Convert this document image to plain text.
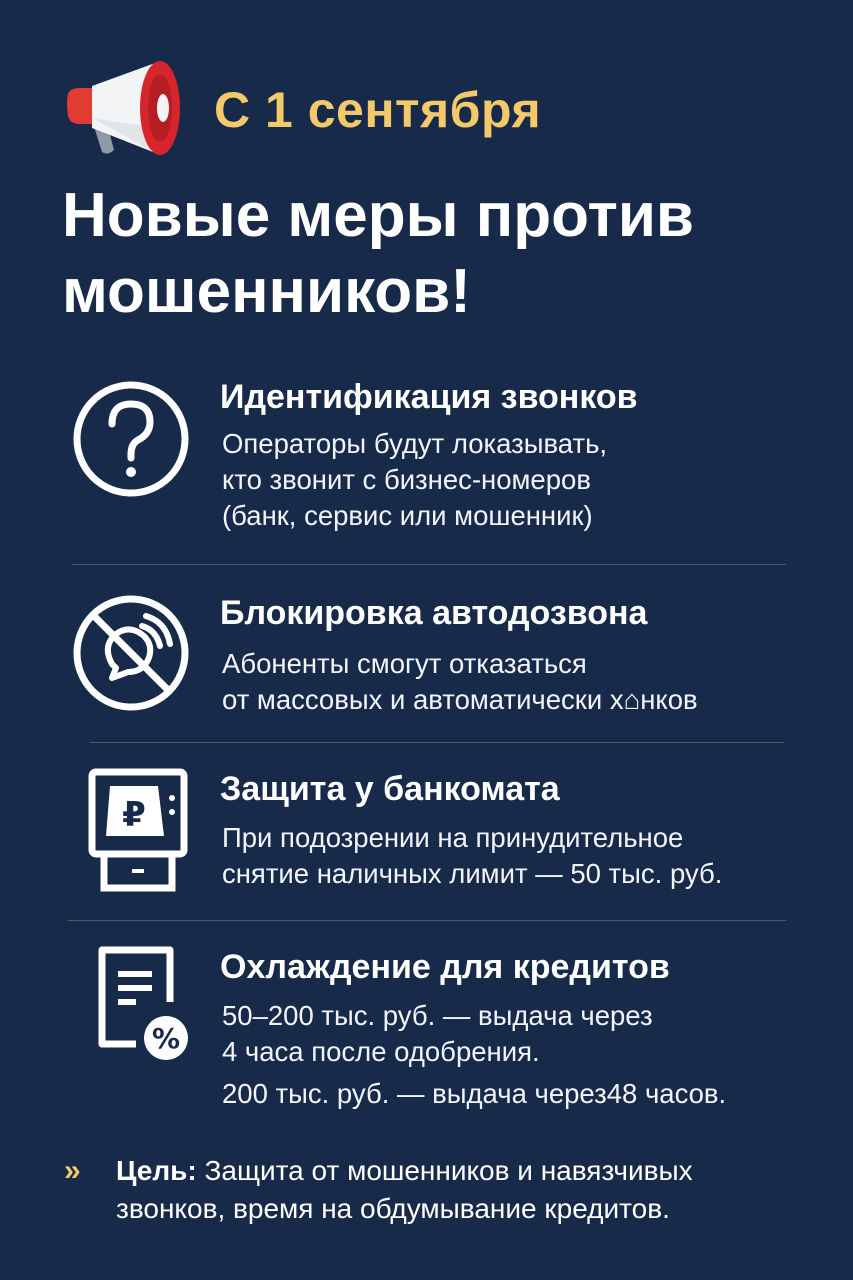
С 1 сентября
Новые меры против
мошенников!
Идентификация звонков
Операторы будут локазывать,
кто звонит с бизнес-номеров
(банк, сервис или мошенник)
Блокировка автодозвона
Абоненты смогут отказаться
от массовых и автоматически х⌂нков
₽
Защита у банкомата
При подозрении на принудительное
снятие наличных лимит — 50 тыс. руб.
%
Охлаждение для кредитов
50–200 тыс. руб. — выдача через
4 часа после одобрения.
200 тыс. руб. — выдача через48 часов.
» Цель: Защита от мошенников и навязчивых
звонков, время на обдумывание кредитов.
